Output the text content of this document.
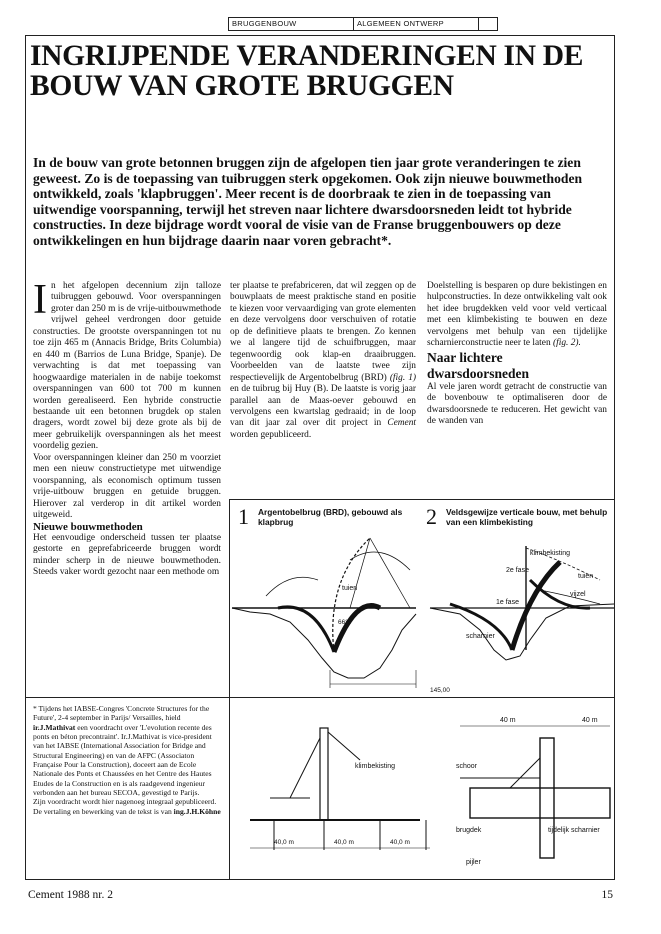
BRUGGENBOUW	ALGEMEEN ONTWERP
INGRIJPENDE VERANDERINGEN IN DE BOUW VAN GROTE BRUGGEN
In de bouw van grote betonnen bruggen zijn de afgelopen tien jaar grote veranderingen te zien geweest. Zo is de toepassing van tuibruggen sterk opgekomen. Ook zijn nieuwe bouwmethoden ontwikkeld, zoals 'klapbruggen'. Meer recent is de doorbraak te zien in de toepassing van uitwendige voorspanning, terwijl het streven naar lichtere dwarsdoorsneden leidt tot hybride constructies. In deze bijdrage wordt vooral de visie van de Franse bruggenbouwers op deze ontwikkelingen en hun bijdrage daarin naar voren gebracht*.

In het afgelopen decennium zijn talloze tuibruggen gebouwd. Voor overspanningen groter dan 250 m is de vrije-uitbouwmethode vrijwel geheel verdrongen door getuide constructies. De grootste overspanningen tot nu toe zijn 465 m (Annacis Bridge, Brits Columbia) en 440 m (Barrios de Luna Bridge, Spanje). De verwachting is dat met toepassing van hoogwaardige materialen in de nabije toekomst overspanningen van 600 tot 700 m kunnen worden gerealiseerd. Een hybride constructie bestaande uit een betonnen brugdek op stalen dragers, wordt zowel bij deze grote als bij de meer gebruikelijk overspanningen als het meest voordelig gezien.

Voor overspanningen kleiner dan 250 m voorziet men een nieuw constructietype met uitwendige voorspanning, als economisch optimum tussen vrije-uitbouw bruggen en getuide bruggen. Hierover zal verderop in dit artikel worden uitgeweid.

Nieuwe bouwmethoden

Het eenvoudige onderscheid tussen ter plaatse gestorte en geprefabriceerde bruggen wordt minder scherp in de nieuwe bouwmethoden. Steeds vaker wordt gezocht naar een methode om

ter plaatse te prefabriceren, dat wil zeggen op de bouwplaats de meest praktische stand en positie te kiezen voor vervaardiging van grote elementen en deze vervolgens door verschuiven of rotatie op de definitieve plaats te brengen. Zo kennen we al langere tijd de schuifbruggen, maar tegenwoordig ook klap-en draaibruggen. Voorbeelden van de laatste twee zijn respectievelijk de Argentobelbrug (BRD) (fig. 1) en de tuibrug bij Huy (B). De laatste is vorig jaar parallel aan de Maas-oever gebouwd en vervolgens een kwartslag gedraaid; in de loop van dit jaar zal over dit project in Cement worden gepubliceerd.

Doelstelling is besparen op dure bekistingen en hulpconstructies. In deze ontwikkeling valt ook het idee brugdekken veld voor veld verticaal met een klimbekisting te bouwen en deze vervolgens met behulp van een tijdelijke scharnierconstructie neer te laten (fig. 2).

Naar lichtere dwarsdoorsneden

Al vele jaren wordt getracht de constructie van de bovenbouw te optimaliseren door de dwarsdoorsnede te reduceren. Het gewicht van de wanden van

* Tijdens het IABSE-Congres 'Concrete Structures for the Future', 2-4 september in Parijs/ Versailles, hield ir.J.Mathivat een voordracht over 'L'evolution recente des ponts en béton precontraint'. Ir.J.Mathivat is vice-president van het IABSE (International Association for Bridge and Structural Engineering) en van de AFPC (Associaton Française Pour la Construction), doceert aan de Ecole Nationale des Ponts et Chaussées en het Centre des Hautes Etudes de la Construction en is als raadgevend ingenieur verbonden aan het bureau SECOA, gevestigd te Parijs.
Zijn voordracht wordt hier nagenoeg integraal gepubliceerd. De vertaling en bewerking van de tekst is van ing.J.H.Köhne
1 Argentobelbrug (BRD), gebouwd als klapbrug	2 Veldsgewijze verticale bouw, met behulp van een klimbekisting
tuien
66°5'
145,00
klimbekisting
2e fase
1e fase
tuien
vijzel
scharnier
klimbekisting
40,0 m	40,0 m	40,0 m
40 m	40 m
schoor
brugdek
pijler
tijdelijk scharnier
Cement 1988 nr. 2	15
